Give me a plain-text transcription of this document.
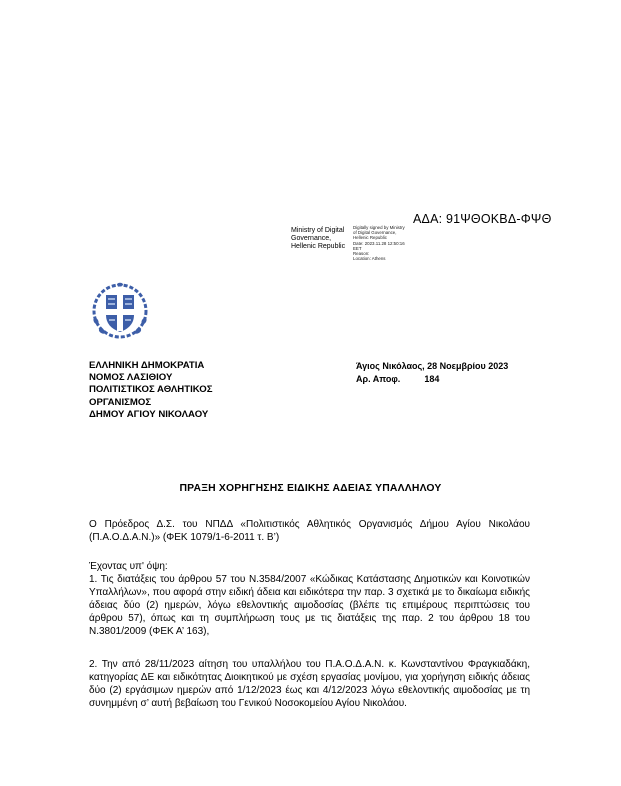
ΑΔΑ: 91ΨΘΟΚΒΔ-ΦΨΘ
Ministry of Digital
Governance,
Hellenic Republic
Digitally signed by Ministry
of Digital Governance,
Hellenic Republic
Date: 2023.11.28 12:50:16
EET
Reason:
Location: Athens
ΕΛΛΗΝΙΚΗ ΔΗΜΟΚΡΑΤΙΑ
ΝΟΜΟΣ ΛΑΣΙΘΙΟΥ
ΠΟΛΙΤΙΣΤΙΚΟΣ ΑΘΛΗΤΙΚΟΣ
ΟΡΓΑΝΙΣΜΟΣ
ΔΗΜΟΥ ΑΓΙΟΥ ΝΙΚΟΛΑΟΥ
Άγιος Νικόλαος, 28 Νοεμβρίου 2023
Αρ. Αποφ.	184
ΠΡΑΞΗ ΧΟΡΗΓΗΣΗΣ ΕΙΔΙΚΗΣ ΑΔΕΙΑΣ ΥΠΑΛΛΗΛΟΥ
Ο Πρόεδρος Δ.Σ. του ΝΠΔΔ «Πολιτιστικός Αθλητικός Οργανισμός Δήμου Αγίου Νικολάου (Π.Α.Ο.Δ.Α.Ν.)» (ΦΕΚ 1079/1-6-2011 τ. Β’)
Έχοντας υπ' όψη:
1. Τις διατάξεις του άρθρου 57 του Ν.3584/2007 «Κώδικας Κατάστασης Δημοτικών και Κοινοτικών Υπαλλήλων», που αφορά στην ειδική άδεια και ειδικότερα την παρ. 3 σχετικά με το δικαίωμα ειδικής άδειας δύο (2) ημερών, λόγω εθελοντικής αιμοδοσίας (βλέπε τις επιμέρους περιπτώσεις του άρθρου 57), όπως και τη συμπλήρωση τους με τις διατάξεις της παρ. 2 του άρθρου 18 του Ν.3801/2009 (ΦΕΚ Α’ 163),
2. Την από 28/11/2023 αίτηση του υπαλλήλου του Π.Α.Ο.Δ.Α.Ν. κ. Κωνσταντίνου Φραγκιαδάκη, κατηγορίας ΔΕ και ειδικότητας Διοικητικού με σχέση εργασίας μονίμου, για χορήγηση ειδικής άδειας δύο (2) εργάσιμων ημερών από 1/12/2023 έως και 4/12/2023 λόγω εθελοντικής αιμοδοσίας με τη συνημμένη σ’ αυτή βεβαίωση του Γενικού Νοσοκομείου Αγίου Νικολάου.
